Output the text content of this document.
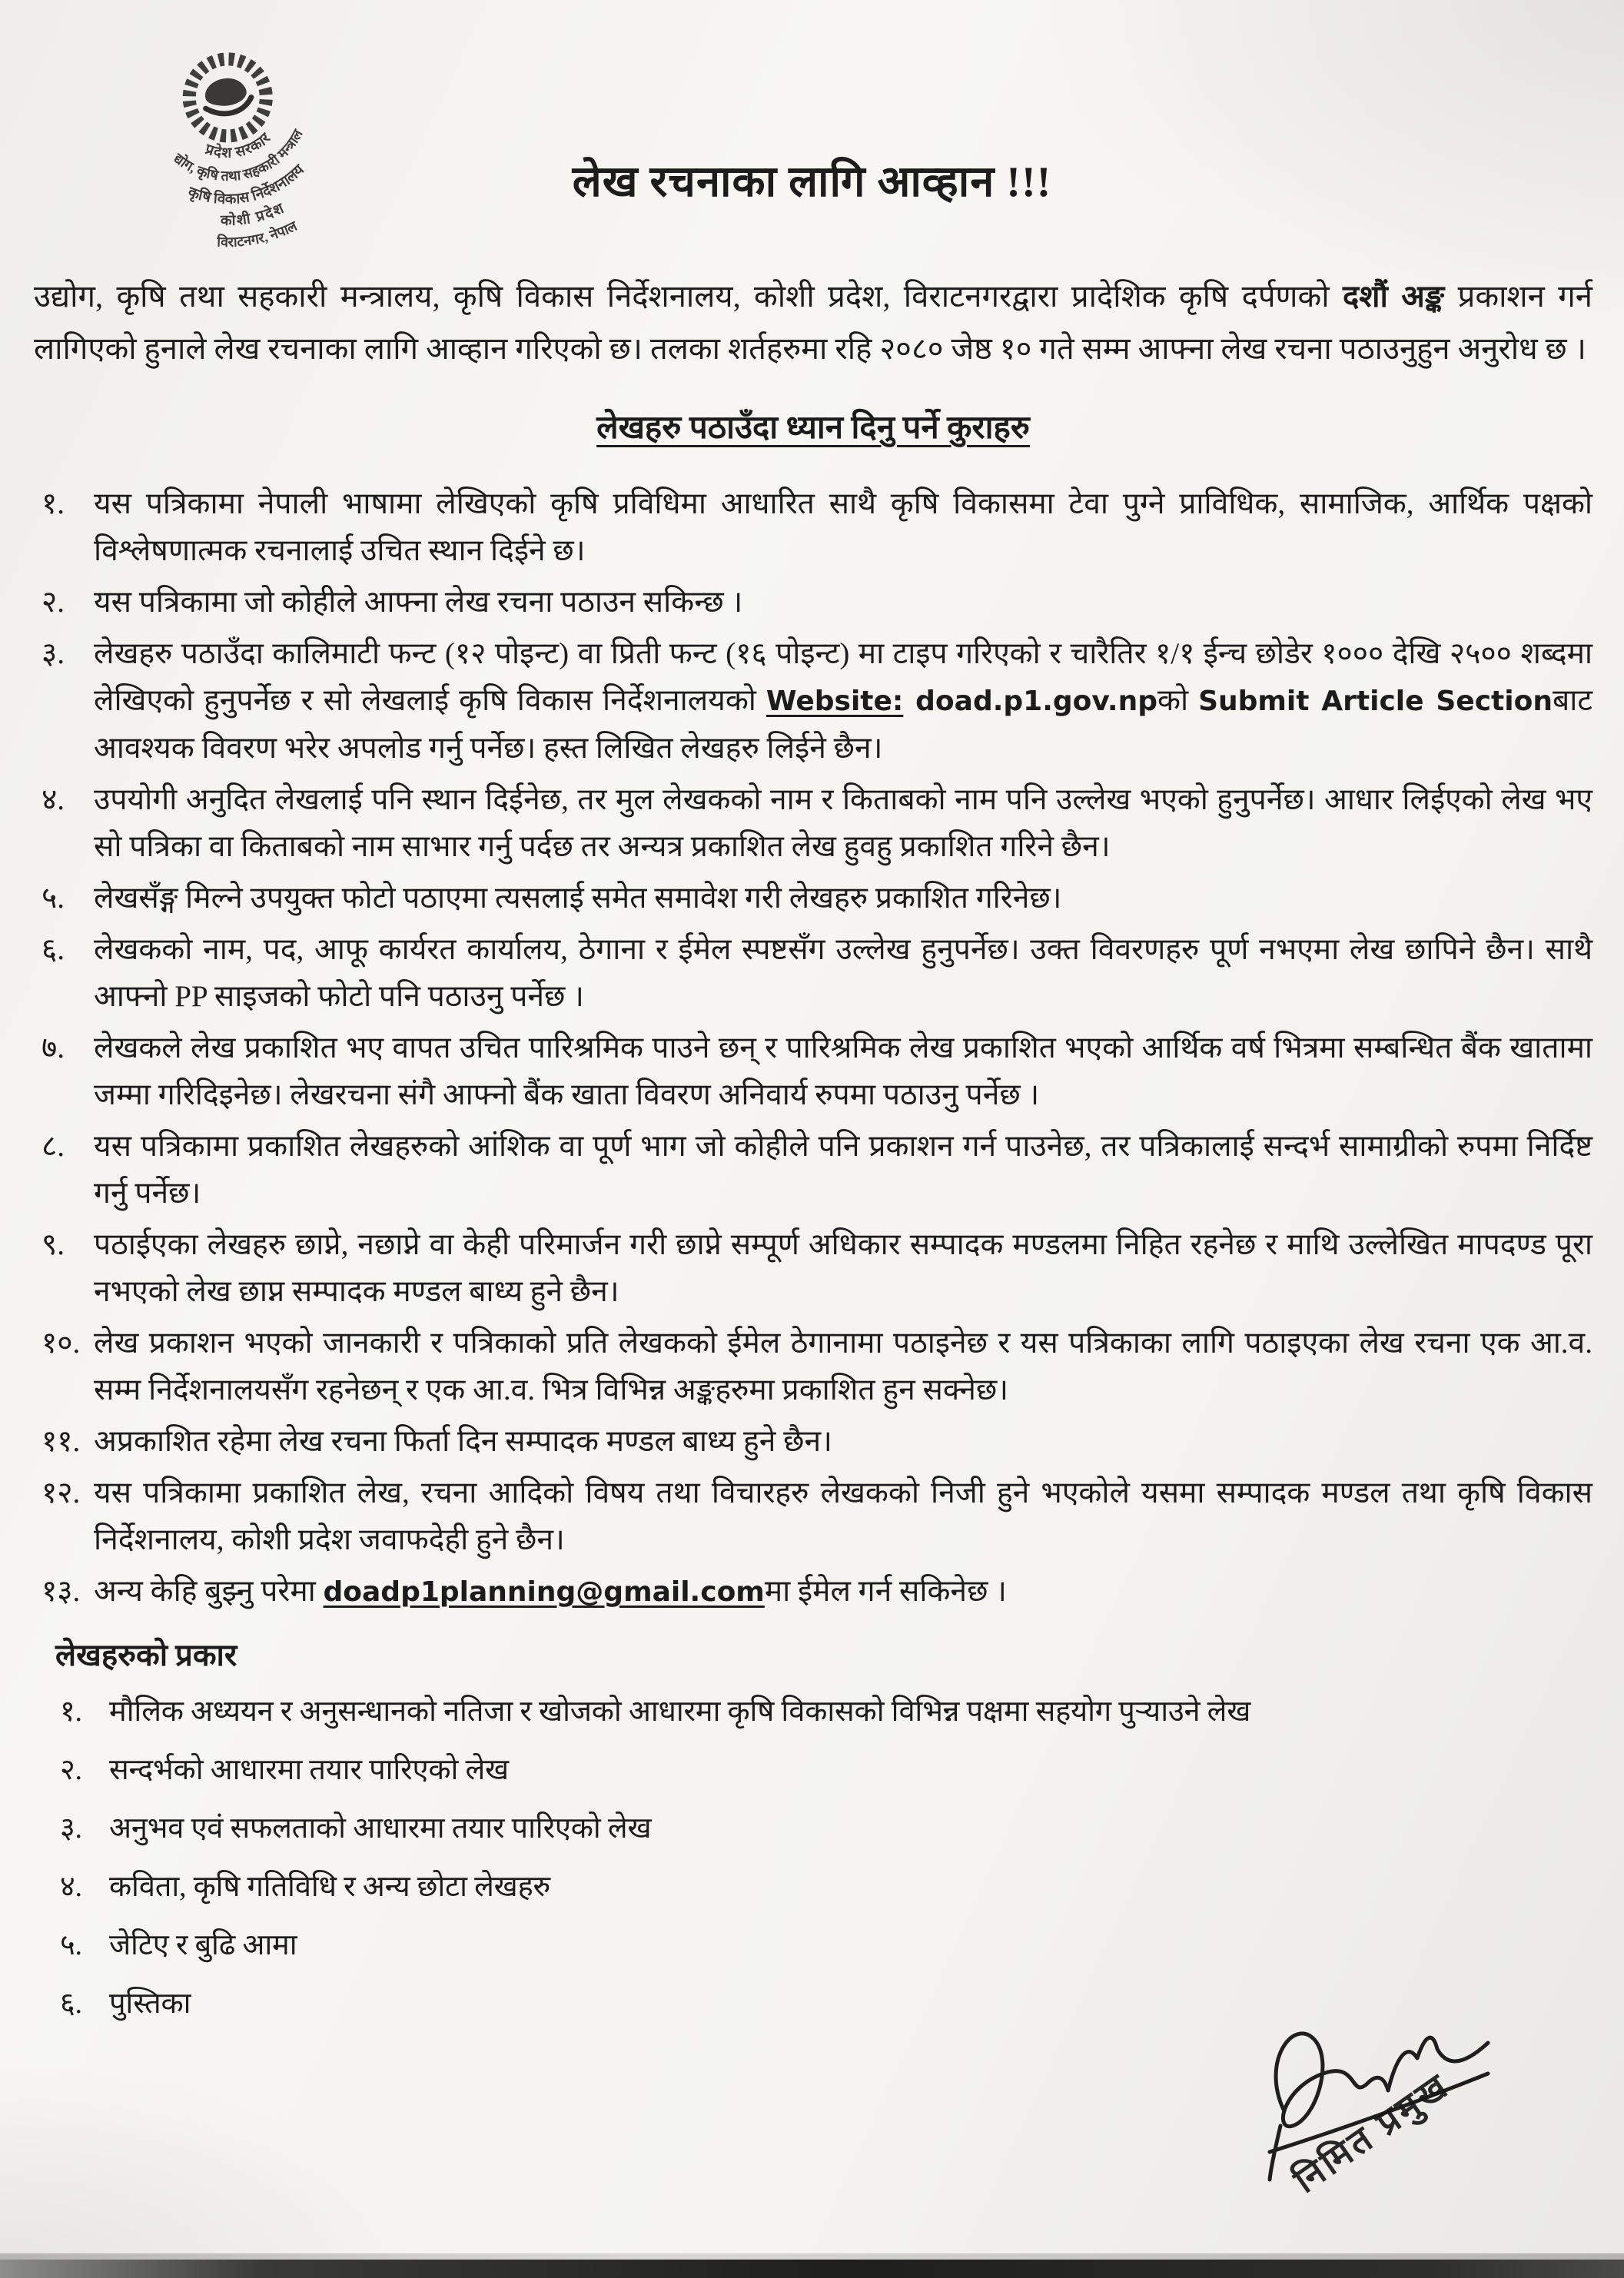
प्रदेश सरकार
उद्योग, कृषि तथा सहकारी मन्त्रालय
कृषि विकास निर्देशनालय
कोशी प्रदेश
विराटनगर, नेपाल
लेख रचनाका लागि आव्हान !!!
उद्योग, कृषि तथा सहकारी मन्त्रालय, कृषि विकास निर्देशनालय, कोशी प्रदेश, विराटनगरद्वारा प्रादेशिक कृषि दर्पणको दशौं अङ्क प्रकाशन गर्न लागिएको हुनाले लेख रचनाका लागि आव्हान गरिएको छ। तलका शर्तहरुमा रहि २०८० जेष्ठ १० गते सम्म आफ्ना लेख रचना पठाउनुहुन अनुरोध छ ।
लेखहरु पठाउँदा ध्यान दिनु पर्ने कुराहरु
१. यस पत्रिकामा नेपाली भाषामा लेखिएको कृषि प्रविधिमा आधारित साथै कृषि विकासमा टेवा पुग्ने प्राविधिक, सामाजिक, आर्थिक पक्षको विश्लेषणात्मक रचनालाई उचित स्थान दिईने छ।
२. यस पत्रिकामा जो कोहीले आफ्ना लेख रचना पठाउन सकिन्छ ।
३. लेखहरु पठाउँदा कालिमाटी फन्ट (१२ पोइन्ट) वा प्रिती फन्ट (१६ पोइन्ट) मा टाइप गरिएको र चारैतिर १/१ ईन्च छोडेर १००० देखि २५०० शब्दमा लेखिएको हुनुपर्नेछ र सो लेखलाई कृषि विकास निर्देशनालयको Website: doad.p1.gov.npको Submit Article Sectionबाट आवश्यक विवरण भरेर अपलोड गर्नु पर्नेछ। हस्त लिखित लेखहरु लिईने छैन।
४. उपयोगी अनुदित लेखलाई पनि स्थान दिईनेछ, तर मुल लेखकको नाम र किताबको नाम पनि उल्लेख भएको हुनुपर्नेछ। आधार लिईएको लेख भए सो पत्रिका वा किताबको नाम साभार गर्नु पर्दछ तर अन्यत्र प्रकाशित लेख हुवहु प्रकाशित गरिने छैन।
५. लेखसँङ्ग मिल्ने उपयुक्त फोटो पठाएमा त्यसलाई समेत समावेश गरी लेखहरु प्रकाशित गरिनेछ।
६. लेखकको नाम, पद, आफू कार्यरत कार्यालय, ठेगाना र ईमेल स्पष्टसँग उल्लेख हुनुपर्नेछ। उक्त विवरणहरु पूर्ण नभएमा लेख छापिने छैन। साथै आफ्नो PP साइजको फोटो पनि पठाउनु पर्नेछ ।
७. लेखकले लेख प्रकाशित भए वापत उचित पारिश्रमिक पाउने छन् र पारिश्रमिक लेख प्रकाशित भएको आर्थिक वर्ष भित्रमा सम्बन्धित बैंक खातामा जम्मा गरिदिइनेछ। लेखरचना संगै आफ्नो बैंक खाता विवरण अनिवार्य रुपमा पठाउनु पर्नेछ ।
८. यस पत्रिकामा प्रकाशित लेखहरुको आंशिक वा पूर्ण भाग जो कोहीले पनि प्रकाशन गर्न पाउनेछ, तर पत्रिकालाई सन्दर्भ सामाग्रीको रुपमा निर्दिष्ट गर्नु पर्नेछ।
९. पठाईएका लेखहरु छाप्ने, नछाप्ने वा केही परिमार्जन गरी छाप्ने सम्पूर्ण अधिकार सम्पादक मण्डलमा निहित रहनेछ र माथि उल्लेखित मापदण्ड पूरा नभएको लेख छाप्न सम्पादक मण्डल बाध्य हुने छैन।
१०. लेख प्रकाशन भएको जानकारी र पत्रिकाको प्रति लेखकको ईमेल ठेगानामा पठाइनेछ र यस पत्रिकाका लागि पठाइएका लेख रचना एक आ.व. सम्म निर्देशनालयसँग रहनेछन् र एक आ.व. भित्र विभिन्न अङ्कहरुमा प्रकाशित हुन सक्नेछ।
११. अप्रकाशित रहेमा लेख रचना फिर्ता दिन सम्पादक मण्डल बाध्य हुने छैन।
१२. यस पत्रिकामा प्रकाशित लेख, रचना आदिको विषय तथा विचारहरु लेखकको निजी हुने भएकोले यसमा सम्पादक मण्डल तथा कृषि विकास निर्देशनालय, कोशी प्रदेश जवाफदेही हुने छैन।
१३. अन्य केहि बुझ्नु परेमा doadp1planning@gmail.comमा ईमेल गर्न सकिनेछ ।
लेखहरुको प्रकार
१. मौलिक अध्ययन र अनुसन्धानको नतिजा र खोजको आधारमा कृषि विकासको विभिन्न पक्षमा सहयोग पुऱ्याउने लेख
२. सन्दर्भको आधारमा तयार पारिएको लेख
३. अनुभव एवं सफलताको आधारमा तयार पारिएको लेख
४. कविता, कृषि गतिविधि र अन्य छोटा लेखहरु
५. जेटिए र बुढि आमा
६. पुस्तिका
निमित प्रमुख
